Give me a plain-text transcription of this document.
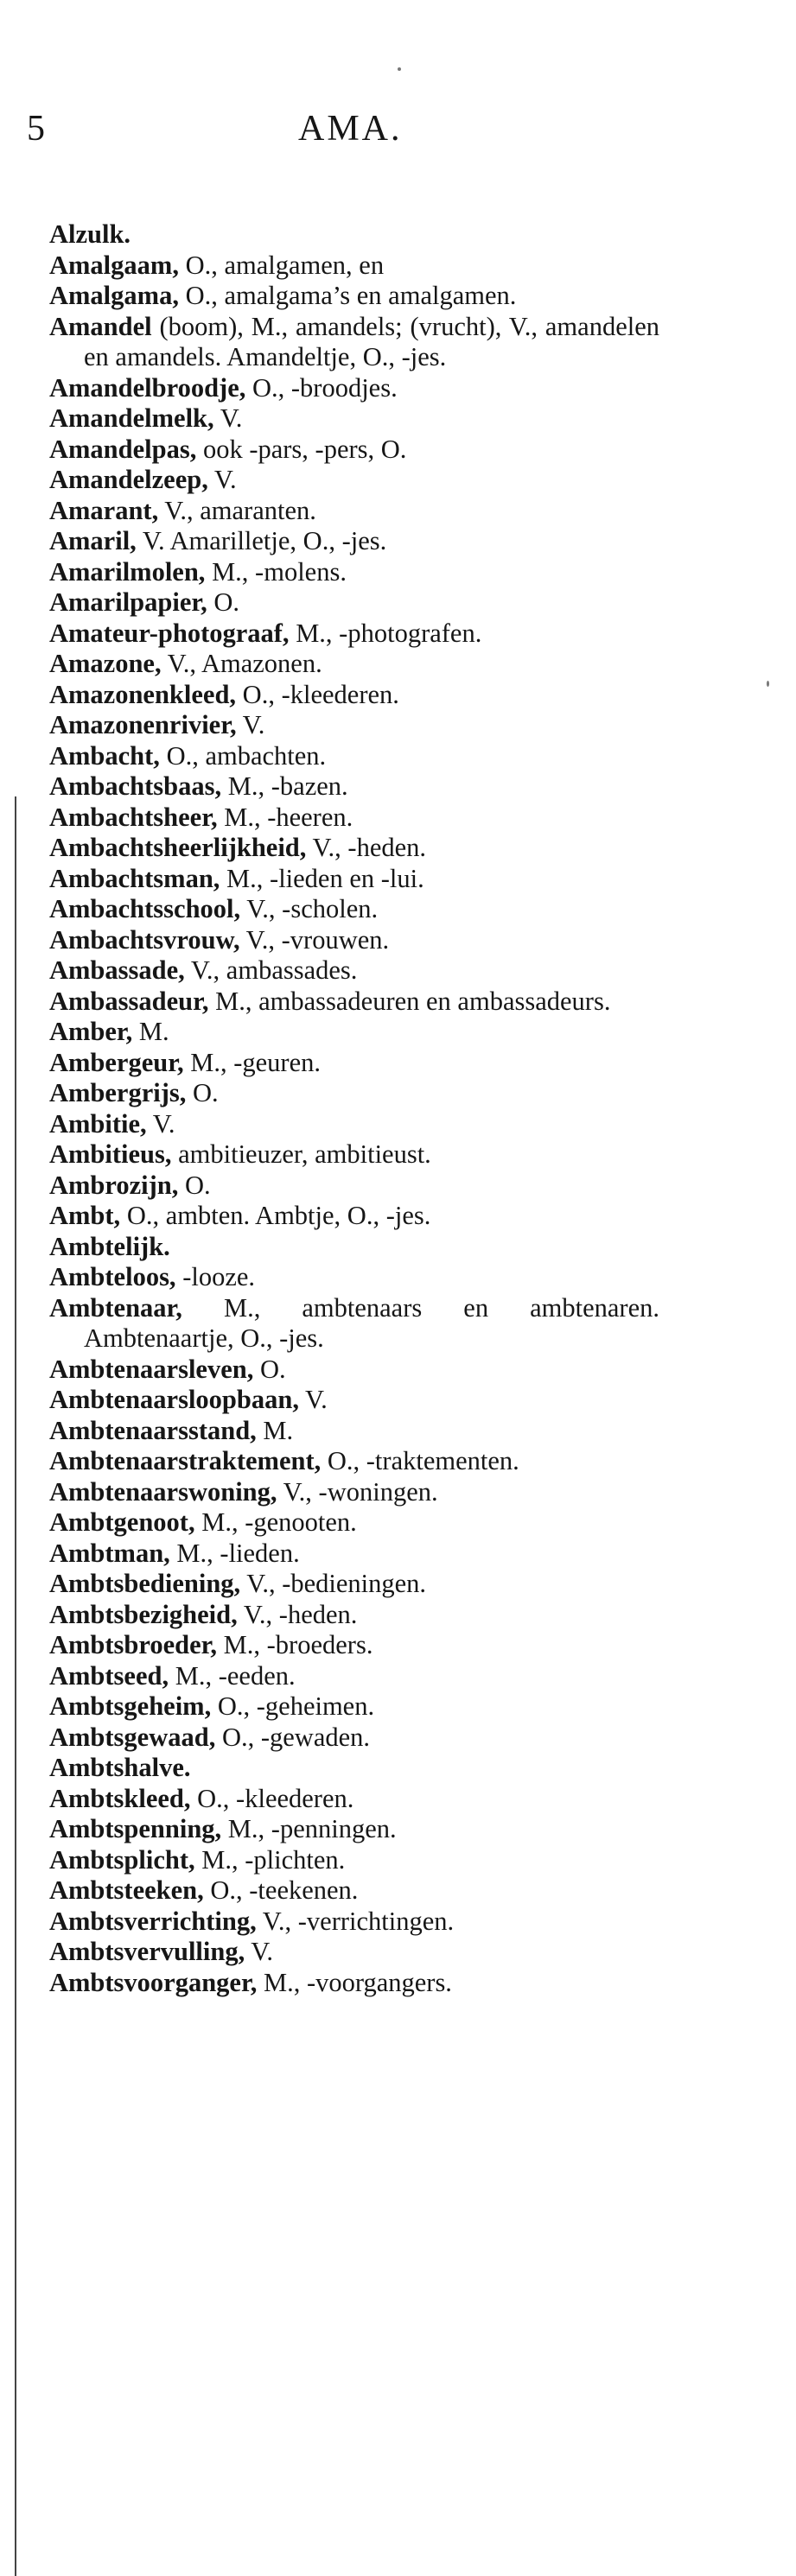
5	AMA.
Alzulk.
Amalgaam, O., amalgamen, en
Amalgama, O., amalgama’s en amalgamen.
Amandel (boom), M., amandels; (vrucht), V., amandelen en amandels. Amandeltje, O., -jes.
Amandelbroodje, O., -broodjes.
Amandelmelk, V.
Amandelpas, ook -pars, -pers, O.
Amandelzeep, V.
Amarant, V., amaranten.
Amaril, V. Amarilletje, O., -jes.
Amarilmolen, M., -molens.
Amarilpapier, O.
Amateur-photograaf, M., -photografen.
Amazone, V., Amazonen.
Amazonenkleed, O., -kleederen.
Amazonenrivier, V.
Ambacht, O., ambachten.
Ambachtsbaas, M., -bazen.
Ambachtsheer, M., -heeren.
Ambachtsheerlijkheid, V., -heden.
Ambachtsman, M., -lieden en -lui.
Ambachtsschool, V., -scholen.
Ambachtsvrouw, V., -vrouwen.
Ambassade, V., ambassades.
Ambassadeur, M., ambassadeuren en ambassadeurs.
Amber, M.
Ambergeur, M., -geuren.
Ambergrijs, O.
Ambitie, V.
Ambitieus, ambitieuzer, ambitieust.
Ambrozijn, O.
Ambt, O., ambten. Ambtje, O., -jes.
Ambtelijk.
Ambteloos, -looze.
Ambtenaar, M., ambtenaars en ambtenaren. Ambtenaartje, O., -jes.
Ambtenaarsleven, O.
Ambtenaarsloopbaan, V.
Ambtenaarsstand, M.
Ambtenaarstraktement, O., -traktementen.
Ambtenaarswoning, V., -woningen.
Ambtgenoot, M., -genooten.
Ambtman, M., -lieden.
Ambtsbediening, V., -bedieningen.
Ambtsbezigheid, V., -heden.
Ambtsbroeder, M., -broeders.
Ambtseed, M., -eeden.
Ambtsgeheim, O., -geheimen.
Ambtsgewaad, O., -gewaden.
Ambtshalve.
Ambtskleed, O., -kleederen.
Ambtspenning, M., -penningen.
Ambtsplicht, M., -plichten.
Ambtsteeken, O., -teekenen.
Ambtsverrichting, V., -verrichtingen.
Ambtsvervulling, V.
Ambtsvoorganger, M., -voorgangers.
